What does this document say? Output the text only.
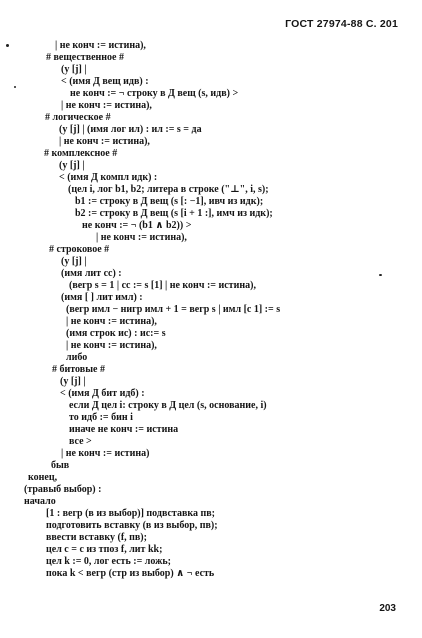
ГОСТ 27974-88 С. 201
| не конч := истина),
# вещественное #
(у [j] |
< (имя Д вещ идв) :
не конч := ¬ строку в Д вещ (s, идв) >
| не конч := истина),
# логическое #
(у [j] | (имя лог ил) : ил := s = да
| не конч := истина),
# комплексное #
(у [j] |
< (имя Д компл идк) :
(цел i, лог b1, b2; литера в строке ("⊥", i, s);
b1 := строку в Д вещ (s [: −1], ивч из идк);
b2 := строку в Д вещ (s [i + 1 :], имч из идк);
не конч := ¬ (b1 ∧ b2)) >
| не конч := истина),
# строковое #
(у [j] |
(имя лит сс) :
(вегр s = 1 | сс := s [1] | не конч := истина),
(имя [ ] лит имл) :
(вегр имл − нигр имл + 1 = вегр s | имл [с 1] := s
| не конч := истина),
(имя строк ис) : ис:= s
| не конч := истина),
либо
# битовые #
(у [j] |
< (имя Д бит идб) :
если Д цел i: строку в Д цел (s, основание, i)
то идб := бин i
иначе не конч := истина
все >
| не конч := истина)
быв
конец,
(травыб выбор) :
начало
[1 : вегр (в из выбор)] подвставка пв;
подготовить вставку (в из выбор, пв);
ввести вставку (f, пв);
цел с = с из тпоз f, лит kk;
цел k := 0, лог есть := ложь;
пока k < вегр (стр из выбор) ∧ ¬ есть
203
